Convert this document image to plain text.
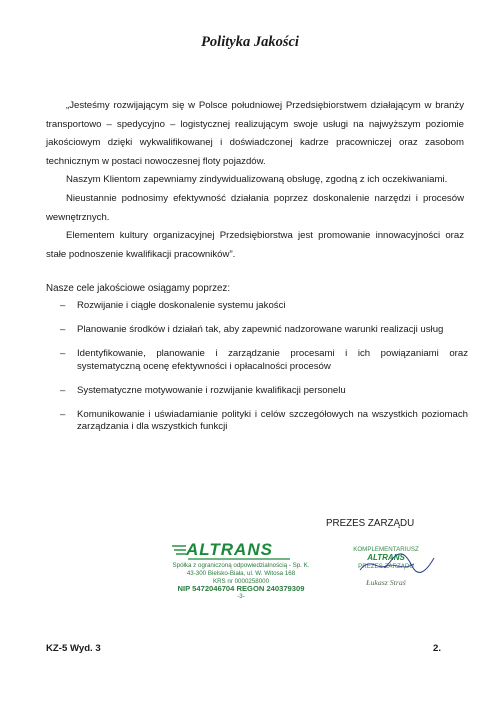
Polityka Jakości

„Jesteśmy rozwijającym się w Polsce południowej Przedsiębiorstwem działającym w branży transportowo – spedycyjno – logistycznej realizującym swoje usługi na najwyższym poziomie jakościowym dzięki wykwalifikowanej i doświadczonej kadrze pracowniczej oraz zasobom technicznym w postaci nowoczesnej floty pojazdów.

Naszym Klientom zapewniamy zindywidualizowaną obsługę, zgodną z ich oczekiwaniami.

Nieustannie podnosimy efektywność działania poprzez doskonalenie narzędzi i procesów wewnętrznych.

Elementem kultury organizacyjnej Przedsiębiorstwa jest promowanie innowacyjności oraz stałe podnoszenie kwalifikacji pracowników”.

Nasze cele jakościowe osiągamy poprzez:
– Rozwijanie i ciągłe doskonalenie systemu jakości
– Planowanie środków i działań tak, aby zapewnić nadzorowane warunki realizacji usług
– Identyfikowanie, planowanie i zarządzanie procesami i ich powiązaniami oraz systematyczną ocenę efektywności i opłacalności procesów
– Systematyczne motywowanie i rozwijanie kwalifikacji personelu
– Komunikowanie i uświadamianie polityki i celów szczegółowych na wszystkich poziomach zarządzania i dla wszystkich funkcji
PREZES ZARZĄDU
ALTRANS
Spółka z ograniczoną odpowiedzialnością - Sp. K.
43-300 Bielsko-Biała, ul. W. Witosa 168
KRS nr 0000258000
NIP 5472046704 REGON 240379309
-3-
KOMPLEMENTARIUSZ
ALTRANS
PREZES ZARZĄDU
Łukasz Straś
KZ-5 Wyd. 3	2.
